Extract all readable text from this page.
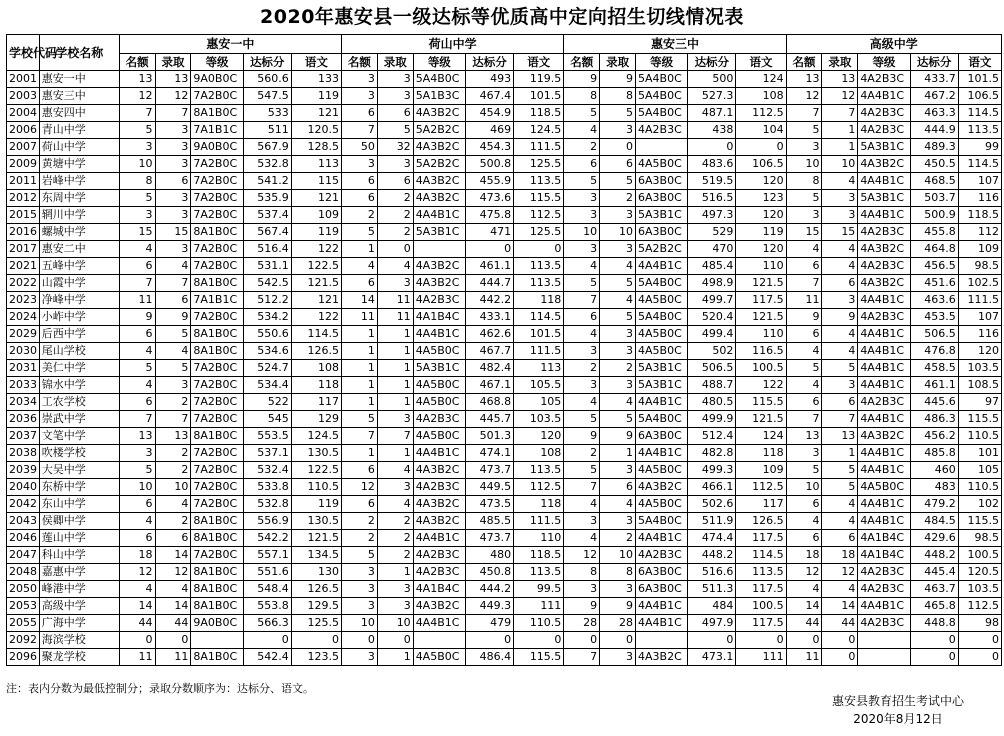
2020年惠安县一级达标等优质高中定向招生切线情况表
学校代码	学校名称	惠安一中					荷山中学					惠安三中					高级中学				
		名额	录取	等级	达标分	语文	名额	录取	等级	达标分	语文	名额	录取	等级	达标分	语文	名额	录取	等级	达标分	语文
2001	惠安一中	13	13	9A0B0C	560.6	133	3	3	5A4B0C	493	119.5	9	9	5A4B0C	500	124	13	13	4A2B3C	433.7	101.5
2003	惠安三中	12	12	7A2B0C	547.5	119	3	3	5A1B3C	467.4	101.5	8	8	5A4B0C	527.3	108	12	12	4A4B1C	467.2	106.5
2004	惠安四中	7	7	8A1B0C	533	121	6	6	4A3B2C	454.9	118.5	5	5	5A4B0C	487.1	112.5	7	7	4A2B3C	463.3	114.5
2006	青山中学	5	3	7A1B1C	511	120.5	7	5	5A2B2C	469	124.5	4	3	4A2B3C	438	104	5	1	4A2B3C	444.9	113.5
2007	荷山中学	3	3	9A0B0C	567.9	128.5	50	32	4A3B2C	454.3	111.5	2	0		0	0	3	1	5A3B1C	489.3	99
2009	黄塘中学	10	3	7A2B0C	532.8	113	3	3	5A2B2C	500.8	125.5	6	6	4A5B0C	483.6	106.5	10	10	4A3B2C	450.5	114.5
2011	岩峰中学	8	6	7A2B0C	541.2	115	6	6	4A3B2C	455.9	113.5	5	5	6A3B0C	519.5	120	8	4	4A4B1C	468.5	107
2012	东周中学	5	3	7A2B0C	535.9	121	6	2	4A3B2C	473.6	115.5	3	2	6A3B0C	516.5	123	5	3	5A3B1C	503.7	116
2015	辋川中学	3	3	7A2B0C	537.4	109	2	2	4A4B1C	475.8	112.5	3	3	5A3B1C	497.3	120	3	3	4A4B1C	500.9	118.5
2016	螺城中学	15	15	8A1B0C	567.4	119	5	2	5A3B1C	471	125.5	10	10	6A3B0C	529	119	15	15	4A2B3C	455.8	112
2017	惠安二中	4	3	7A2B0C	516.4	122	1	0		0	0	3	3	5A2B2C	470	120	4	4	4A3B2C	464.8	109
2021	五峰中学	6	4	7A2B0C	531.1	122.5	4	4	4A3B2C	461.1	113.5	4	4	4A4B1C	485.4	110	6	4	4A2B3C	456.5	98.5
2022	山霞中学	7	7	8A1B0C	542.5	121.5	6	3	4A3B2C	444.7	113.5	5	5	5A4B0C	498.9	121.5	7	6	4A3B2C	451.6	102.5
2023	净峰中学	11	6	7A1B1C	512.2	121	14	11	4A2B3C	442.2	118	7	4	4A5B0C	499.7	117.5	11	3	4A4B1C	463.6	111.5
2024	小岞中学	9	9	7A2B0C	534.2	122	11	11	4A1B4C	433.1	114.5	6	5	5A4B0C	520.4	121.5	9	9	4A2B3C	453.5	107
2029	后西中学	6	5	8A1B0C	550.6	114.5	1	1	4A4B1C	462.6	101.5	4	3	4A5B0C	499.4	110	6	4	4A4B1C	506.5	116
2030	尾山学校	4	4	8A1B0C	534.6	126.5	1	1	4A5B0C	467.7	111.5	3	3	4A5B0C	502	116.5	4	4	4A4B1C	476.8	120
2031	美仁中学	5	5	7A2B0C	524.7	108	1	1	5A3B1C	482.4	113	2	2	5A3B1C	506.5	100.5	5	5	4A4B1C	458.5	103.5
2033	锦水中学	4	3	7A2B0C	534.4	118	1	1	4A5B0C	467.1	105.5	3	3	5A3B1C	488.7	122	4	3	4A4B1C	461.1	108.5
2034	工农学校	6	2	7A2B0C	522	117	1	1	4A5B0C	468.8	105	4	4	4A4B1C	480.5	115.5	6	6	4A2B3C	445.6	97
2036	崇武中学	7	7	7A2B0C	545	129	5	3	4A2B3C	445.7	103.5	5	5	5A4B0C	499.9	121.5	7	7	4A4B1C	486.3	115.5
2037	文笔中学	13	13	8A1B0C	553.5	124.5	7	7	4A5B0C	501.3	120	9	9	6A3B0C	512.4	124	13	13	4A3B2C	456.2	110.5
2038	吹楼学校	3	2	7A2B0C	537.1	130.5	1	1	4A4B1C	474.1	108	2	1	4A4B1C	482.8	118	3	1	4A4B1C	485.8	101
2039	大吴中学	5	2	7A2B0C	532.4	122.5	6	4	4A3B2C	473.7	113.5	5	3	4A5B0C	499.3	109	5	5	4A4B1C	460	105
2040	东桥中学	10	10	7A2B0C	533.8	110.5	12	3	4A2B3C	449.5	112.5	7	6	4A3B2C	466.1	112.5	10	5	4A5B0C	483	110.5
2042	东山中学	6	4	7A2B0C	532.8	119	6	4	4A3B2C	473.5	118	4	4	4A5B0C	502.6	117	6	4	4A4B1C	479.2	102
2043	侯卿中学	4	2	8A1B0C	556.9	130.5	2	2	4A3B2C	485.5	111.5	3	3	5A4B0C	511.9	126.5	4	4	4A4B1C	484.5	115.5
2046	莲山中学	6	6	8A1B0C	542.2	121.5	2	2	4A4B1C	473.7	110	4	2	4A4B1C	474.4	117.5	6	6	4A1B4C	429.6	98.5
2047	科山中学	18	14	7A2B0C	557.1	134.5	5	2	4A2B3C	480	118.5	12	10	4A2B3C	448.2	114.5	18	18	4A1B4C	448.2	100.5
2048	嘉惠中学	12	12	8A1B0C	551.6	130	3	1	4A2B3C	450.8	113.5	8	8	6A3B0C	516.6	113.5	12	12	4A2B3C	445.4	120.5
2050	峰港中学	4	4	8A1B0C	548.4	126.5	3	3	4A1B4C	444.2	99.5	3	3	6A3B0C	511.3	117.5	4	4	4A2B3C	463.7	103.5
2053	高级中学	14	14	8A1B0C	553.8	129.5	3	3	4A3B2C	449.3	111	9	9	4A4B1C	484	100.5	14	14	4A4B1C	465.8	112.5
2055	广海中学	44	44	9A0B0C	566.3	125.5	10	10	4A4B1C	479	110.5	28	28	4A4B1C	497.9	117.5	44	44	4A2B3C	448.8	98
2092	海滨学校	0	0		0	0	0	0		0	0	0	0		0	0	0	0		0	0
2096	聚龙学校	11	11	8A1B0C	542.4	123.5	3	1	4A5B0C	486.4	115.5	7	3	4A3B2C	473.1	111	11	0		0	0
注：表内分数为最低控制分；录取分数顺序为：达标分、语文。
惠安县教育招生考试中心
2020年8月12日
